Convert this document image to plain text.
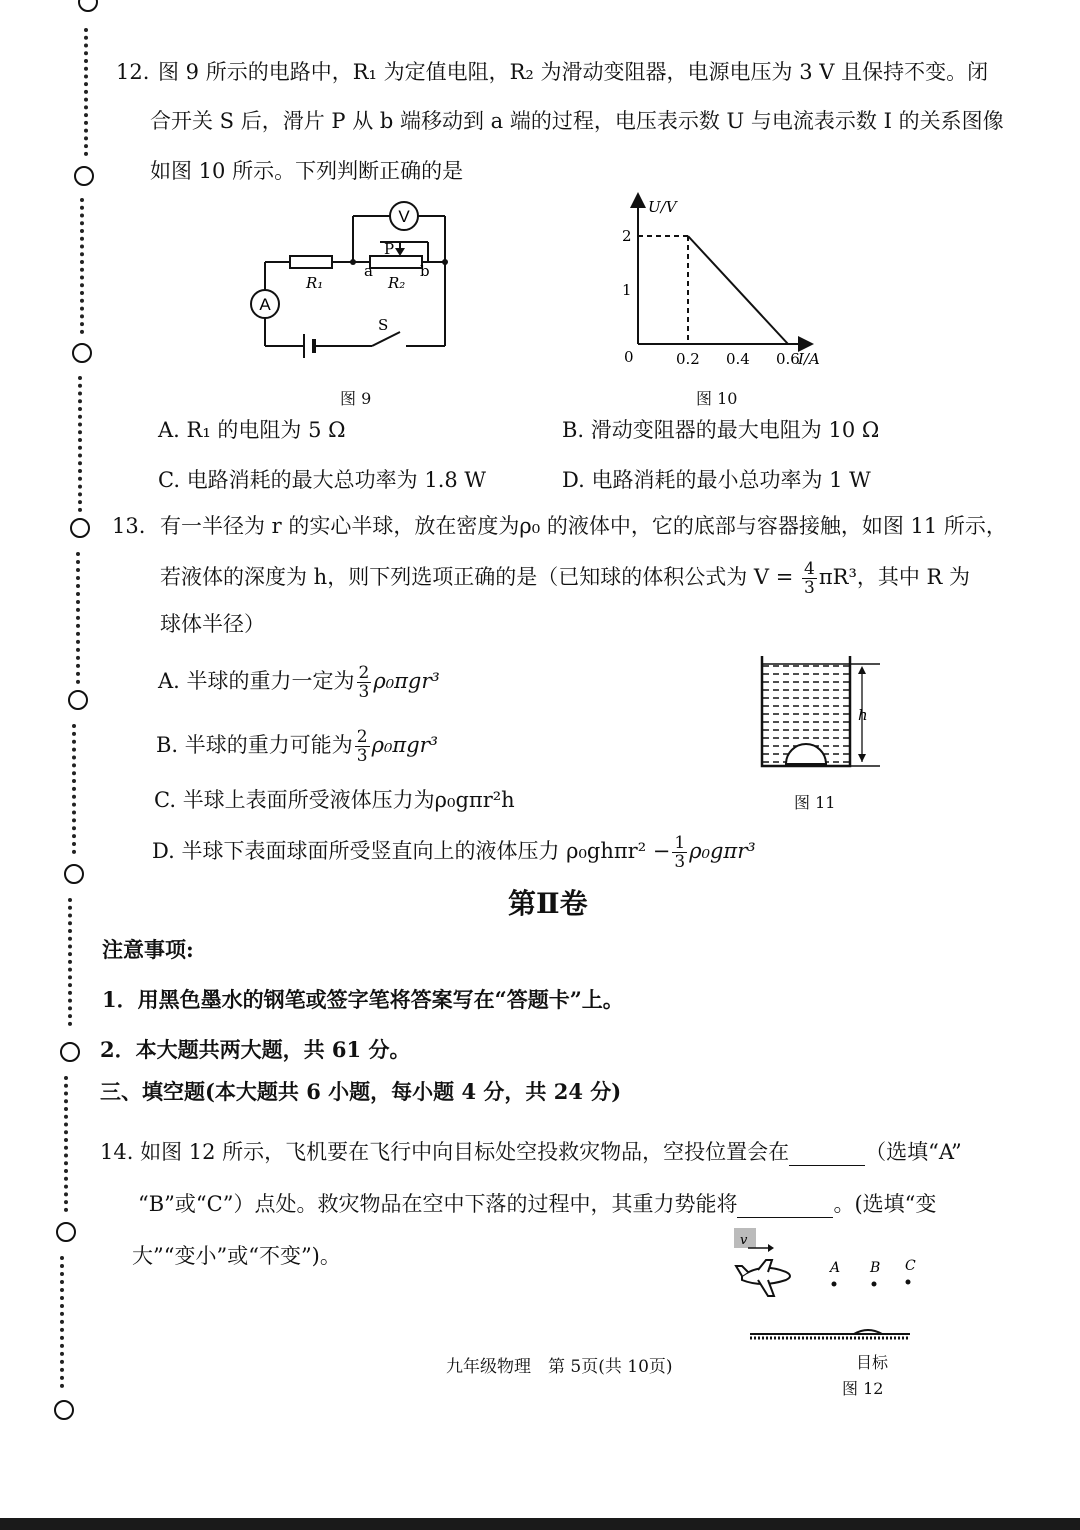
12. 图 9 所示的电路中，R₁ 为定值电阻，R₂ 为滑动变阻器，电源电压为 3 V 且保持不变。闭
合开关 S 后，滑片 P 从 b 端移动到 a 端的过程，电压表示数 U 与电流表示数 I 的关系图像
如图 10 所示。下列判断正确的是
A
V
R₁	R₂
P
a	b
S
图 9
U/V
I/A
0
2
1
0.2 0.4 0.6
图 10
A. R₁ 的电阻为 5 Ω	B. 滑动变阻器的最大电阻为 10 Ω
C. 电路消耗的最大总功率为 1.8 W	D. 电路消耗的最小总功率为 1 W
13. 有一半径为 r 的实心半球，放在密度为ρ₀ 的液体中，它的底部与容器接触，如图 11 所示，
若液体的深度为 h，则下列选项正确的是（已知球的体积公式为 $V = \frac{4}{3} \pi R^3$，其中 R 为
球体半径）
A. 半球的重力一定为 $\frac{2}{3} \rho_0\pi gr^3$
B. 半球的重力可能为 $\frac{2}{3} \rho_0\pi gr^3$
C. 半球上表面所受液体压力为ρ₀gπr²h
D. 半球下表面球面所受竖直向上的液体压力 $\rho_0gh\pi r^2 - \frac{1}{3} \rho_0g\pi r^3$
h
图 11
第Ⅱ卷
注意事项:
1．用黑色墨水的钢笔或签字笔将答案写在“答题卡”上。
2．本大题共两大题，共 61 分。
三、填空题(本大题共 6 小题，每小题 4 分，共 24 分)
14. 如图 12 所示，飞机要在飞行中向目标处空投救灾物品，空投位置会在	（选填“A”
“B”或“C”）点处。救灾物品在空中下落的过程中，其重力势能将	。(选填“变
大”“变小”或“不变”)。
v
A B C
目标
图 12
九年级物理　第 5页(共 10页)
